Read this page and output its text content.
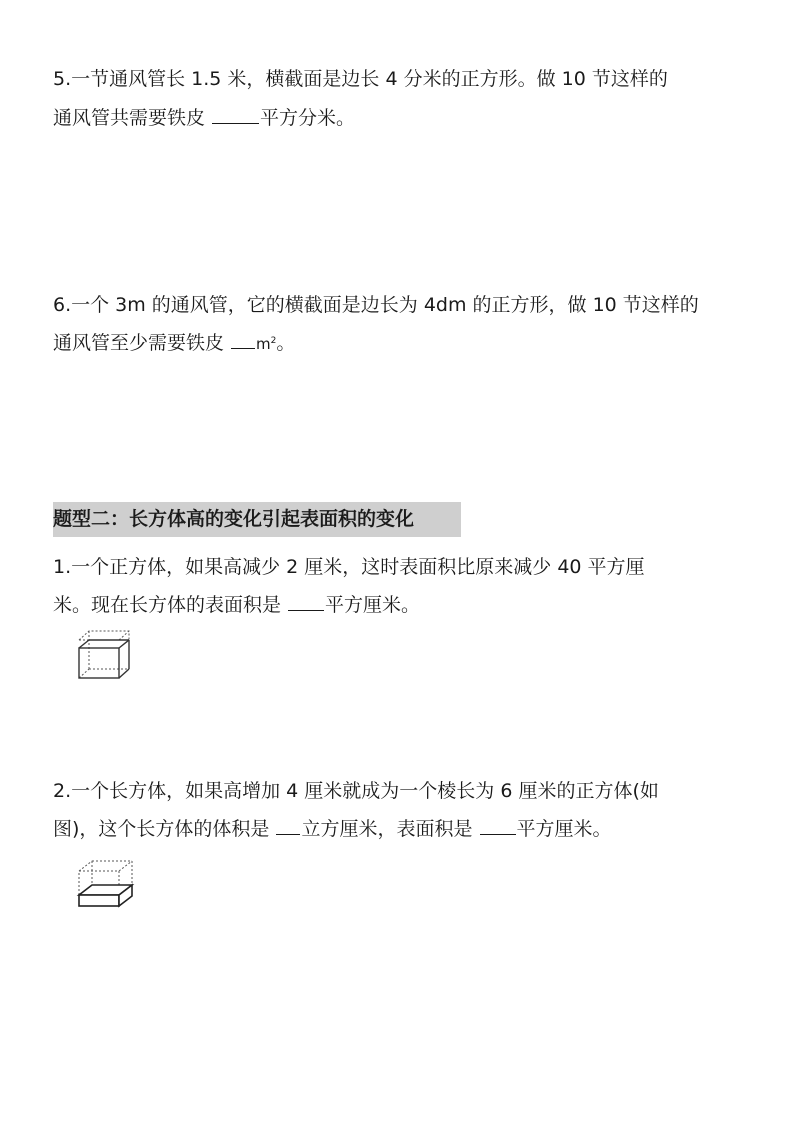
5.一节通风管长 1.5 米，横截面是边长 4 分米的正方形。做 10 节这样的
通风管共需要铁皮	平方分米。
6.一个 3m 的通风管，它的横截面是边长为 4dm 的正方形，做 10 节这样的
通风管至少需要铁皮 $m^2$。
题型二：长方体高的变化引起表面积的变化
1.一个正方体，如果高减少 2 厘米，这时表面积比原来减少 40 平方厘
米。现在长方体的表面积是 平方厘米。
2.一个长方体，如果高增加 4 厘米就成为一个棱长为 6 厘米的正方体(如
图)，这个长方体的体积是 立方厘米，表面积是 平方厘米。
